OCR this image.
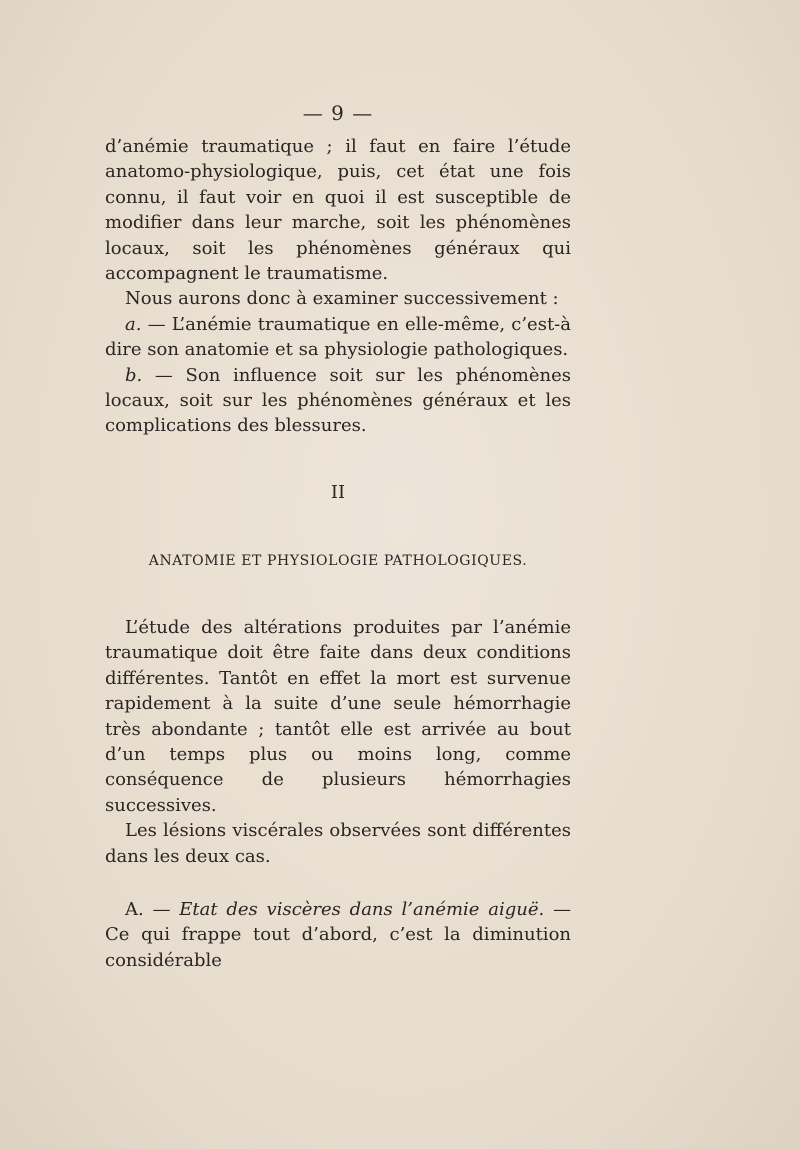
— 9 —

d’anémie traumatique ; il faut en faire l’étude anatomo-physiologique, puis, cet état une fois connu, il faut voir en quoi il est susceptible de modifier dans leur marche, soit les phénomènes locaux, soit les phénomènes généraux qui accompagnent le traumatisme.

Nous aurons donc à examiner successivement :

a. — L’anémie traumatique en elle-même, c’est-à dire son anatomie et sa physiologie pathologiques.

b. — Son influence soit sur les phénomènes locaux, soit sur les phénomènes généraux et les complications des blessures.

II
ANATOMIE ET PHYSIOLOGIE PATHOLOGIQUES.

L’étude des altérations produites par l’anémie traumatique doit être faite dans deux conditions différentes. Tantôt en effet la mort est survenue rapidement à la suite d’une seule hémorrhagie très abondante ; tantôt elle est arrivée au bout d’un temps plus ou moins long, comme conséquence de plusieurs hémorrhagies successives.

Les lésions viscérales observées sont différentes dans les deux cas.

A. — Etat des viscères dans l’anémie aiguë. — Ce qui frappe tout d’abord, c’est la diminution considérable
